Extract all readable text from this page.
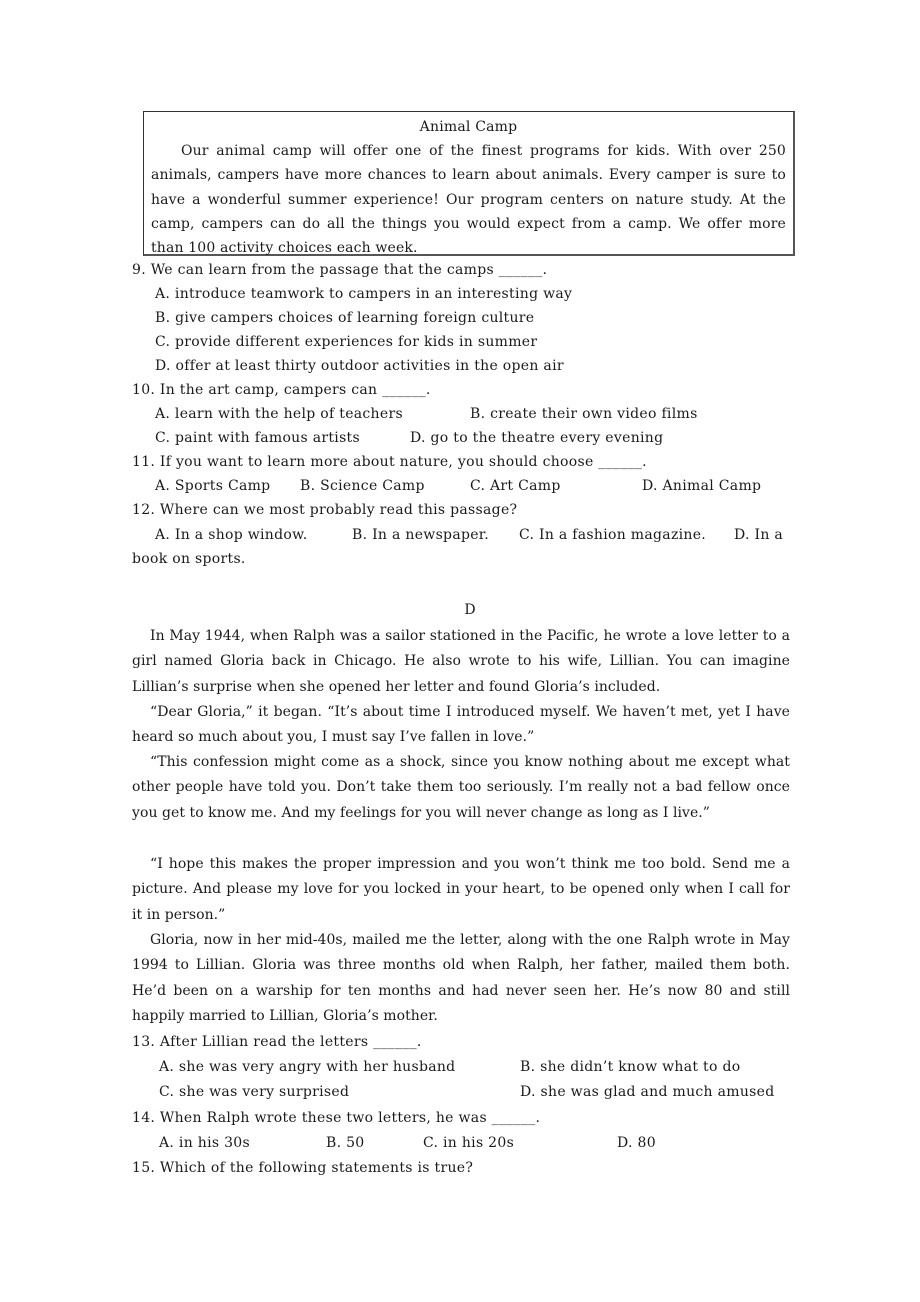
Animal Camp
Our animal camp will offer one of the finest programs for kids. With over 250 animals, campers have more chances to learn about animals. Every camper is sure to have a wonderful summer experience! Our program centers on nature study. At the camp, campers can do all the things you would expect from a camp. We offer more than 100 activity choices each week.
9. We can learn from the passage that the camps ______.
A. introduce teamwork to campers in an interesting way
B. give campers choices of learning foreign culture
C. provide different experiences for kids in summer
D. offer at least thirty outdoor activities in the open air
10. In the art camp, campers can ______.
A. learn with the help of teachers	B. create their own video films
C. paint with famous artists	D. go to the theatre every evening
11. If you want to learn more about nature, you should choose ______.
A. Sports Camp B. Science Camp	C. Art Camp	D. Animal Camp
12. Where can we most probably read this passage?
A. In a shop window.	B. In a newspaper. C. In a fashion magazine. D. In a
book on sports.
D
In May 1944, when Ralph was a sailor stationed in the Pacific, he wrote a love letter to a girl named Gloria back in Chicago. He also wrote to his wife, Lillian. You can imagine Lillian’s surprise when she opened her letter and found Gloria’s included.
“Dear Gloria,” it began. “It’s about time I introduced myself. We haven’t met, yet I have heard so much about you, I must say I’ve fallen in love.”
“This confession might come as a shock, since you know nothing about me except what other people have told you. Don’t take them too seriously. I’m really not a bad fellow once you get to know me. And my feelings for you will never change as long as I live.”
“I hope this makes the proper impression and you won’t think me too bold. Send me a picture. And please my love for you locked in your heart, to be opened only when I call for it in person.”
Gloria, now in her mid-40s, mailed me the letter, along with the one Ralph wrote in May 1994 to Lillian. Gloria was three months old when Ralph, her father, mailed them both. He’d been on a warship for ten months and had never seen her. He’s now 80 and still happily married to Lillian, Gloria’s mother.
13. After Lillian read the letters ______.
A. she was very angry with her husband	B. she didn’t know what to do
C. she was very surprised	D. she was glad and much amused
14. When Ralph wrote these two letters, he was ______.
A. in his 30s	B. 50	C. in his 20s	D. 80
15. Which of the following statements is true?
